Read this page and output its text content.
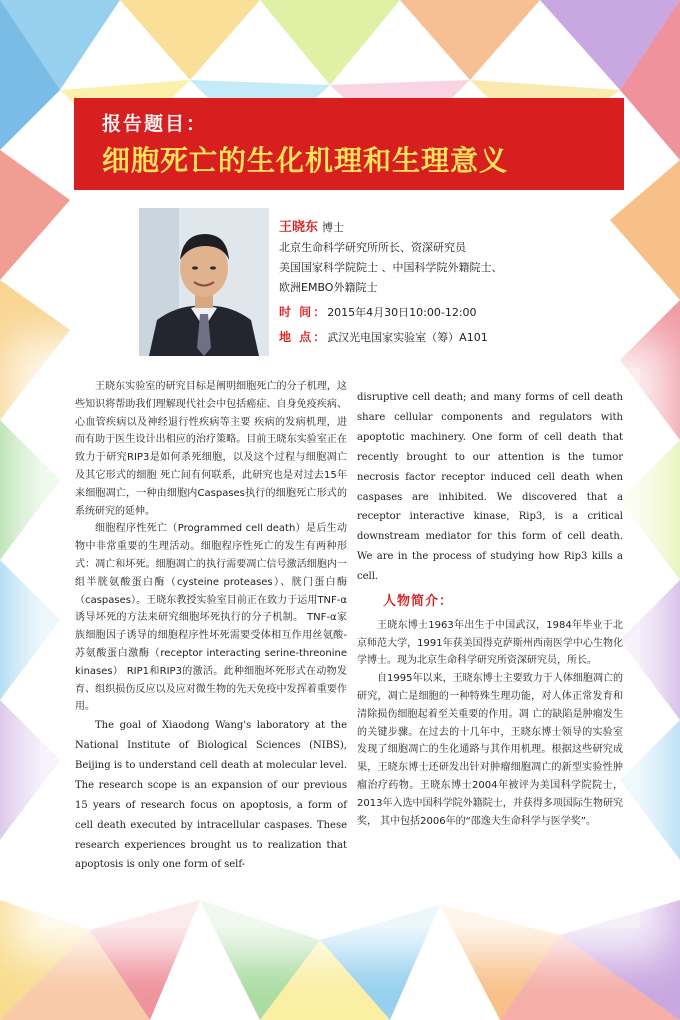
报告题目：

细胞死亡的生化机理和生理意义

王晓东 博士

北京生命科学研究所所长、资深研究员

美国国家科学院院士 、中国科学院外籍院士、

欧洲EMBO外籍院士

时 间：2015年4月30日10:00-12:00

地 点：武汉光电国家实验室（筹）A101

王晓东实验室的研究目标是阐明细胞死亡的分子机理，这些知识将帮助我们理解现代社会中包括癌症、自身免疫疾病、心血管疾病以及神经退行性疾病等主要 疾病的发病机理，进而有助于医生设计出相应的治疗策略。目前王晓东实验室正在致力于研究RIP3是如何杀死细胞，以及这个过程与细胞凋亡及其它形式的细胞 死亡间有何联系，此研究也是对过去15年来细胞凋亡，一种由细胞内Caspases执行的细胞死亡形式的系统研究的延伸。

细胞程序性死亡（Programmed cell death）是后生动物中非常重要的生理活动。细胞程序性死亡的发生有两种形式：凋亡和坏死。细胞凋亡的执行需要凋亡信号激活细胞内一组半胱氨酸蛋白酶（cysteine proteases）、胱门蛋白酶（caspases）。王晓东教授实验室目前正在致力于运用TNF-α诱导坏死的方法来研究细胞坏死执行的分子机制。 TNF-α家族细胞因子诱导的细胞程序性坏死需要受体相互作用丝氨酸-苏氨酸蛋白激酶（receptor interacting serine-threonine kinases） RIP1和RIP3的激活。此种细胞坏死形式在动物发育、组织损伤反应以及应对微生物的先天免疫中发挥着重要作用。

The goal of Xiaodong Wang's laboratory at the National Institute of Biological Sciences (NIBS), Beijing is to understand cell death at molecular level. The research scope is an expansion of our previous 15 years of research focus on apoptosis, a form of cell death executed by intracellular caspases. These research experiences brought us to realization that apoptosis is only one form of self-

disruptive cell death; and many forms of cell death share cellular components and regulators with apoptotic machinery. One form of cell death that recently brought to our attention is the tumor necrosis factor receptor induced cell death when caspases are inhibited. We discovered that a receptor interactive kinase, Rip3, is a critical downstream mediator for this form of cell death. We are in the process of studying how Rip3 kills a cell.

人物简介：

王晓东博士1963年出生于中国武汉，1984年毕业于北京师范大学，1991年获美国得克萨斯州西南医学中心生物化学博士。现为北京生命科学研究所资深研究员，所长。

自1995年以来，王晓东博士主要致力于人体细胞凋亡的研究，凋亡是细胞的一种特殊生理功能，对人体正常发育和清除损伤细胞起着至关重要的作用。凋 亡的缺陷是肿瘤发生的关键步骤。在过去的十几年中，王晓东博士领导的实验室发现了细胞凋亡的生化通路与其作用机理。根据这些研究成果，王晓东博士还研发出针对肿瘤细胞凋亡的新型实验性肿瘤治疗药物。王晓东博士2004年被评为美国科学院院士，2013年入选中国科学院外籍院士，并获得多项国际生物研究奖， 其中包括2006年的“邵逸夫生命科学与医学奖”。
